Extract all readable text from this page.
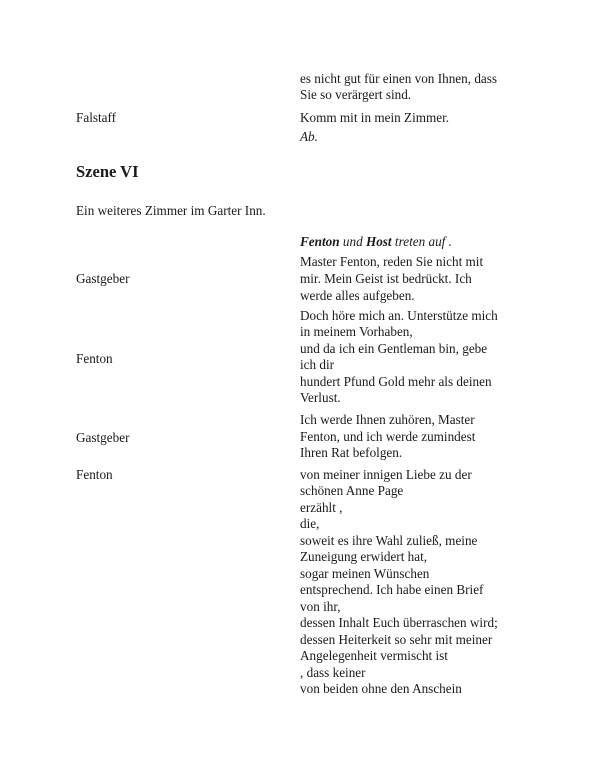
es nicht gut für einen von Ihnen, dass
Sie so verärgert sind.
Falstaff	Komm mit in mein Zimmer.
Ab.
Szene VI
Ein weiteres Zimmer im Garter Inn.
Fenton und Host treten auf .
Gastgeber
Master Fenton, reden Sie nicht mit
mir. Mein Geist ist bedrückt. Ich
werde alles aufgeben.
Fenton
Doch höre mich an. Unterstütze mich
in meinem Vorhaben,
und da ich ein Gentleman bin, gebe
ich dir
hundert Pfund Gold mehr als deinen
Verlust.
Gastgeber
Ich werde Ihnen zuhören, Master
Fenton, und ich werde zumindest
Ihren Rat befolgen.
Fenton	von meiner innigen Liebe zu der
schönen Anne Page
erzählt ,
die,
soweit es ihre Wahl zuließ, meine
Zuneigung erwidert hat,
sogar meinen Wünschen
entsprechend. Ich habe einen Brief
von ihr,
dessen Inhalt Euch überraschen wird;
dessen Heiterkeit so sehr mit meiner
Angelegenheit vermischt ist
, dass keiner
von beiden ohne den Anschein
